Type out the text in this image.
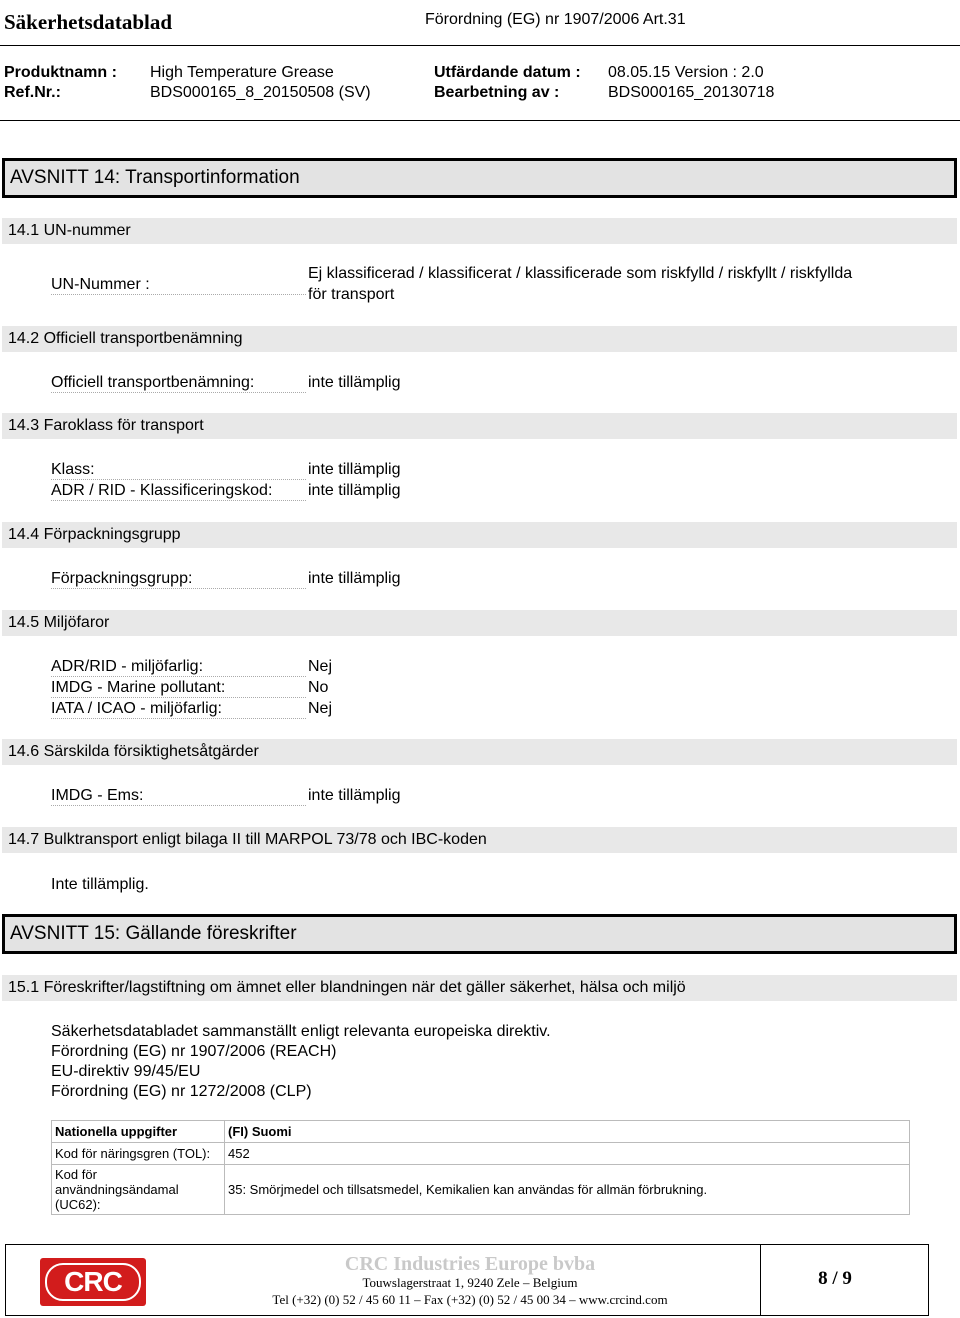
Säkerhetsdatablad	Förordning (EG) nr 1907/2006 Art.31
Produktnamn : High Temperature Grease	Utfärdande datum : 08.05.15 Version : 2.0
Ref.Nr.:	BDS000165_8_20150508 (SV)	Bearbetning av :	BDS000165_20130718
AVSNITT 14: Transportinformation
14.1 UN-nummer
UN-Nummer :
Ej klassificerad / klassificerat / klassificerade som riskfylld / riskfyllt / riskfyllda
för transport
14.2 Officiell transportbenämning
Officiell transportbenämning:	inte tillämplig
14.3 Faroklass för transport
Klass:	inte tillämplig
ADR / RID - Klassificeringskod:	inte tillämplig
14.4 Förpackningsgrupp
Förpackningsgrupp:	inte tillämplig
14.5 Miljöfaror
ADR/RID - miljöfarlig:	Nej
IMDG - Marine pollutant:	No
IATA / ICAO - miljöfarlig:	Nej
14.6 Särskilda försiktighetsåtgärder
IMDG - Ems:	inte tillämplig
14.7 Bulktransport enligt bilaga II till MARPOL 73/78 och IBC-koden
Inte tillämplig.
AVSNITT 15: Gällande föreskrifter
15.1 Föreskrifter/lagstiftning om ämnet eller blandningen när det gäller säkerhet, hälsa och miljö
Säkerhetsdatabladet sammanställt enligt relevanta europeiska direktiv.
Förordning (EG) nr 1907/2006 (REACH)
EU-direktiv 99/45/EU
Förordning (EG) nr 1272/2008 (CLP)
Nationella uppgifter	(FI) Suomi
Kod för näringsgren (TOL):	452
Kod för användningsändamal (UC62):	35: Smörjmedel och tillsatsmedel, Kemikalien kan användas för allmän förbrukning.
CRC
CRC Industries Europe bvba
Touwslagerstraat 1, 9240 Zele – Belgium
Tel (+32) (0) 52 / 45 60 11 – Fax (+32) (0) 52 / 45 00 34 – www.crcind.com
8 / 9
